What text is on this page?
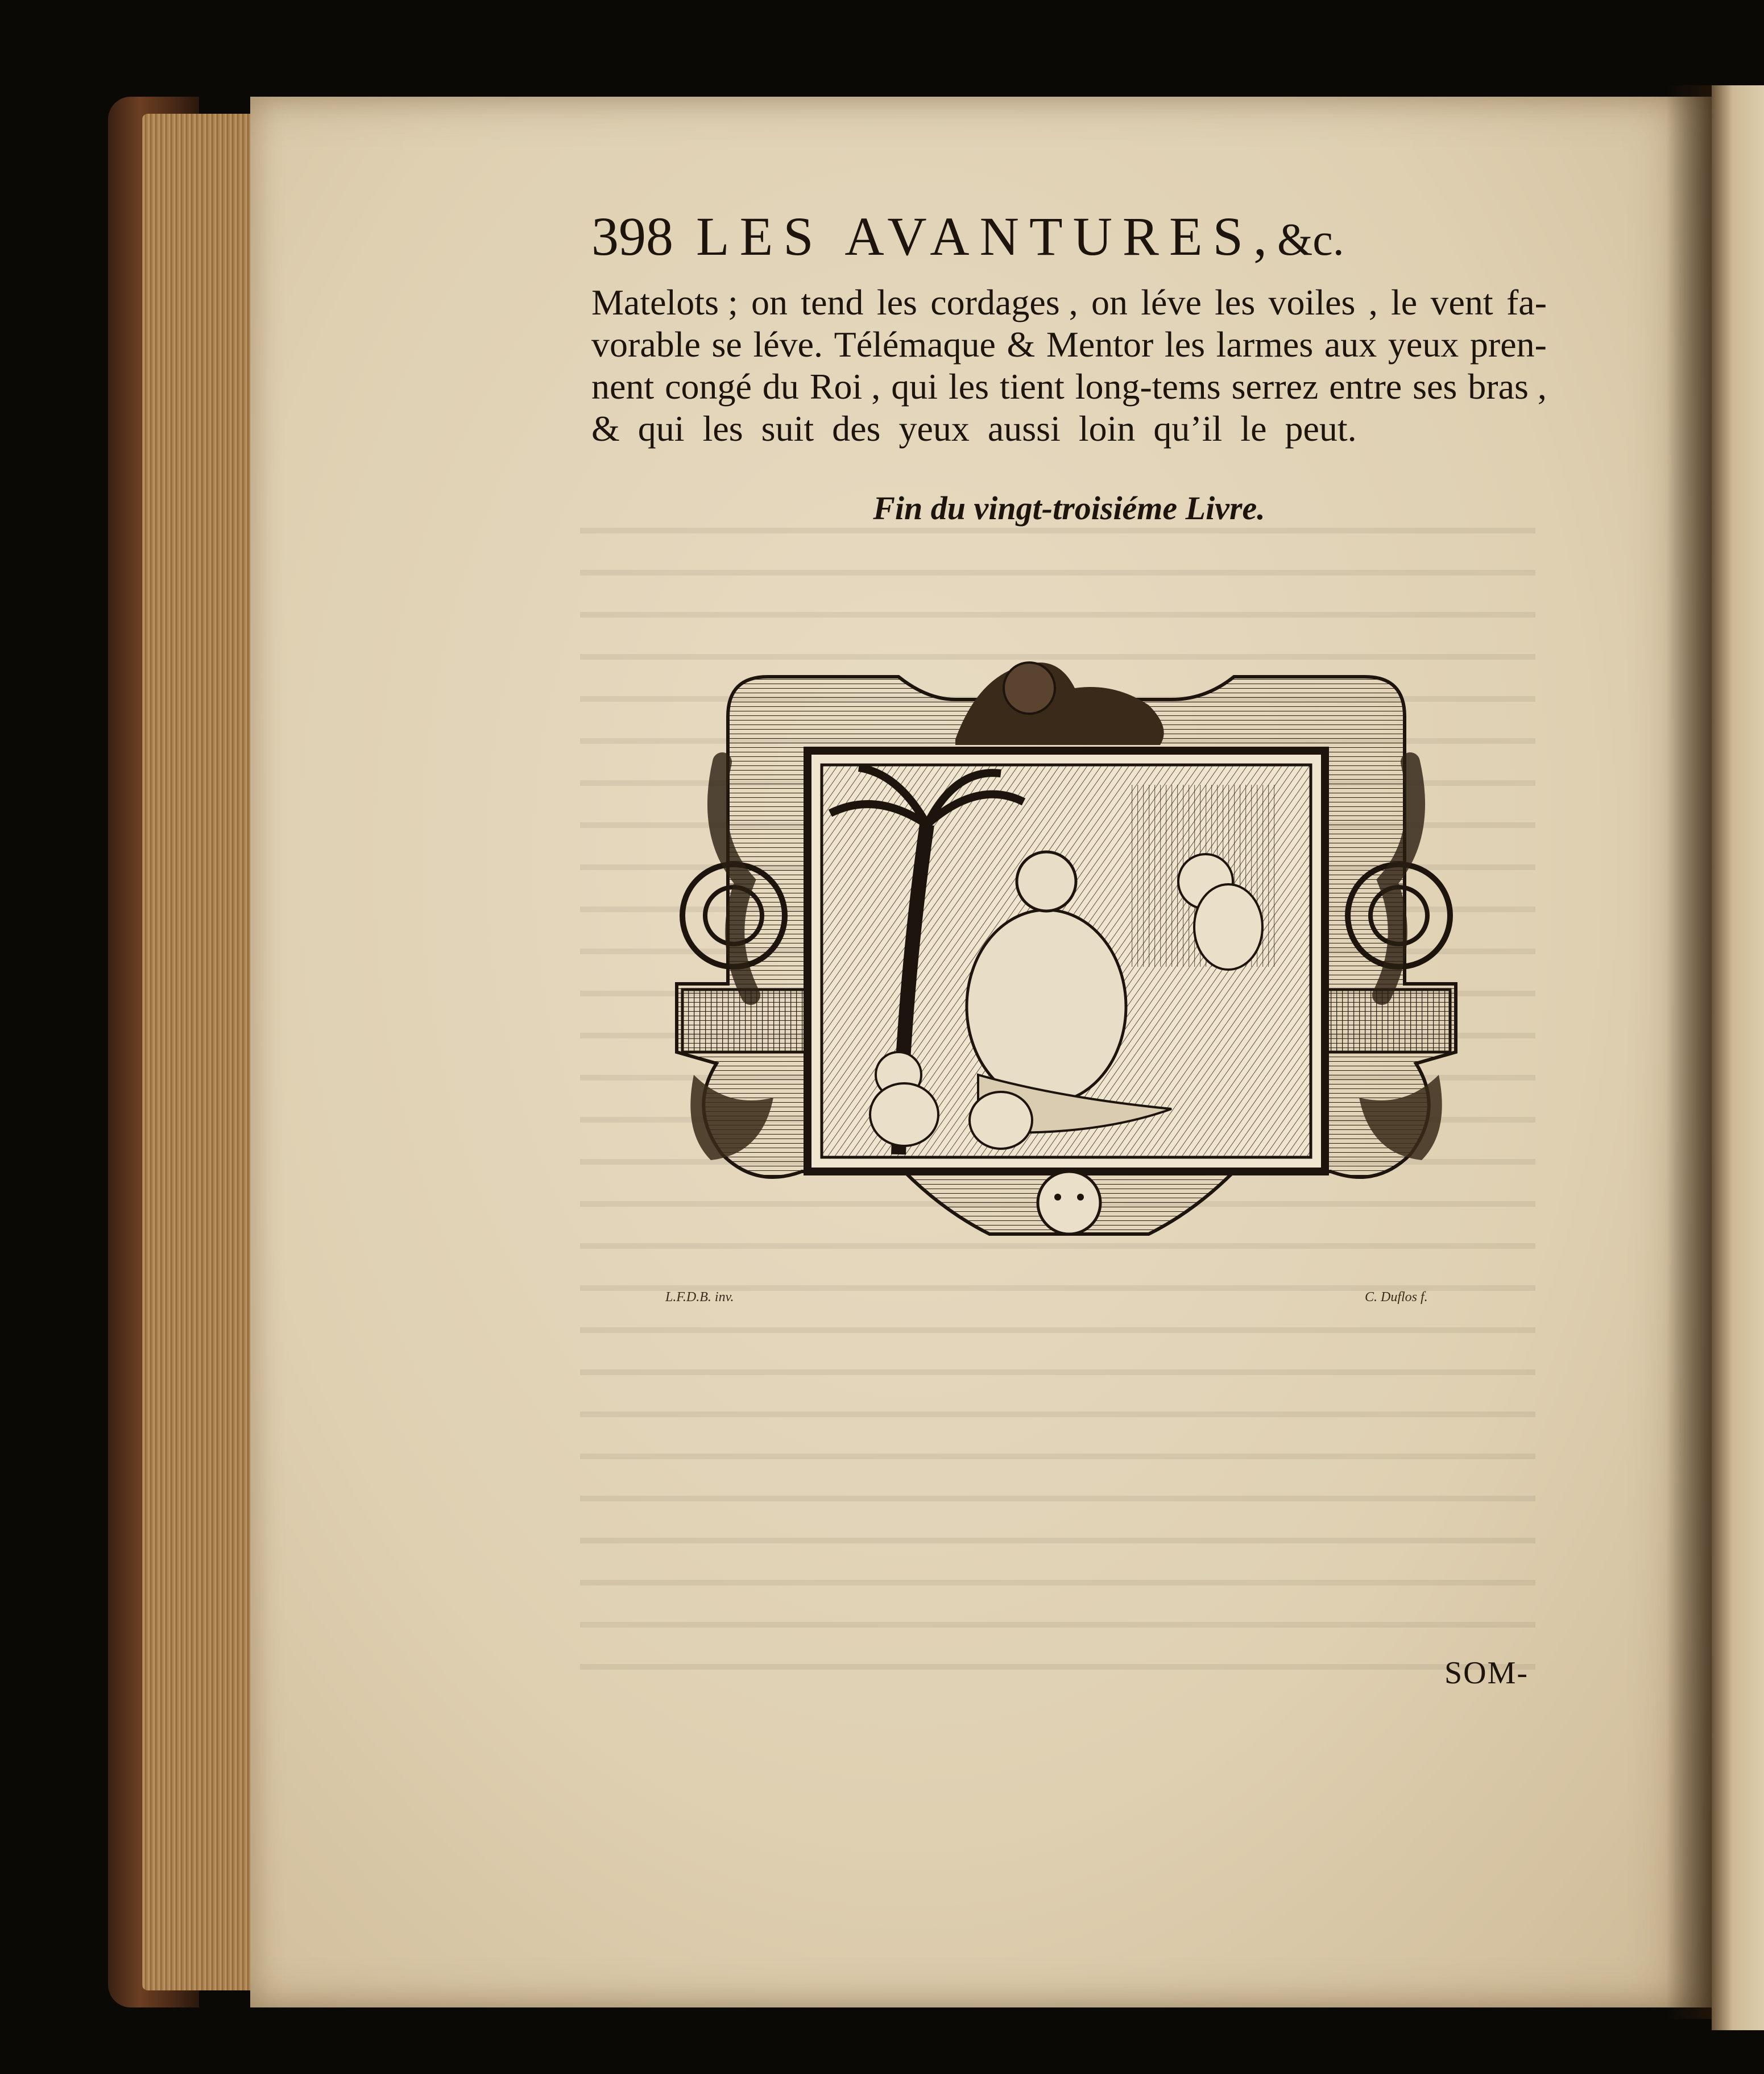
398 LES AVANTURES,&c.
Matelots ; on tend les cordages , on léve les voiles , le vent fa-
vorable se léve. Télémaque & Mentor les larmes aux yeux pren-
nent congé du Roi , qui les tient long-tems serrez entre ses bras ,
& qui les suit des yeux aussi loin qu’il le peut.
Fin du vingt-troisiéme Livre.
L.F.D.B. inv.	C. Duflos f.
SOM-
